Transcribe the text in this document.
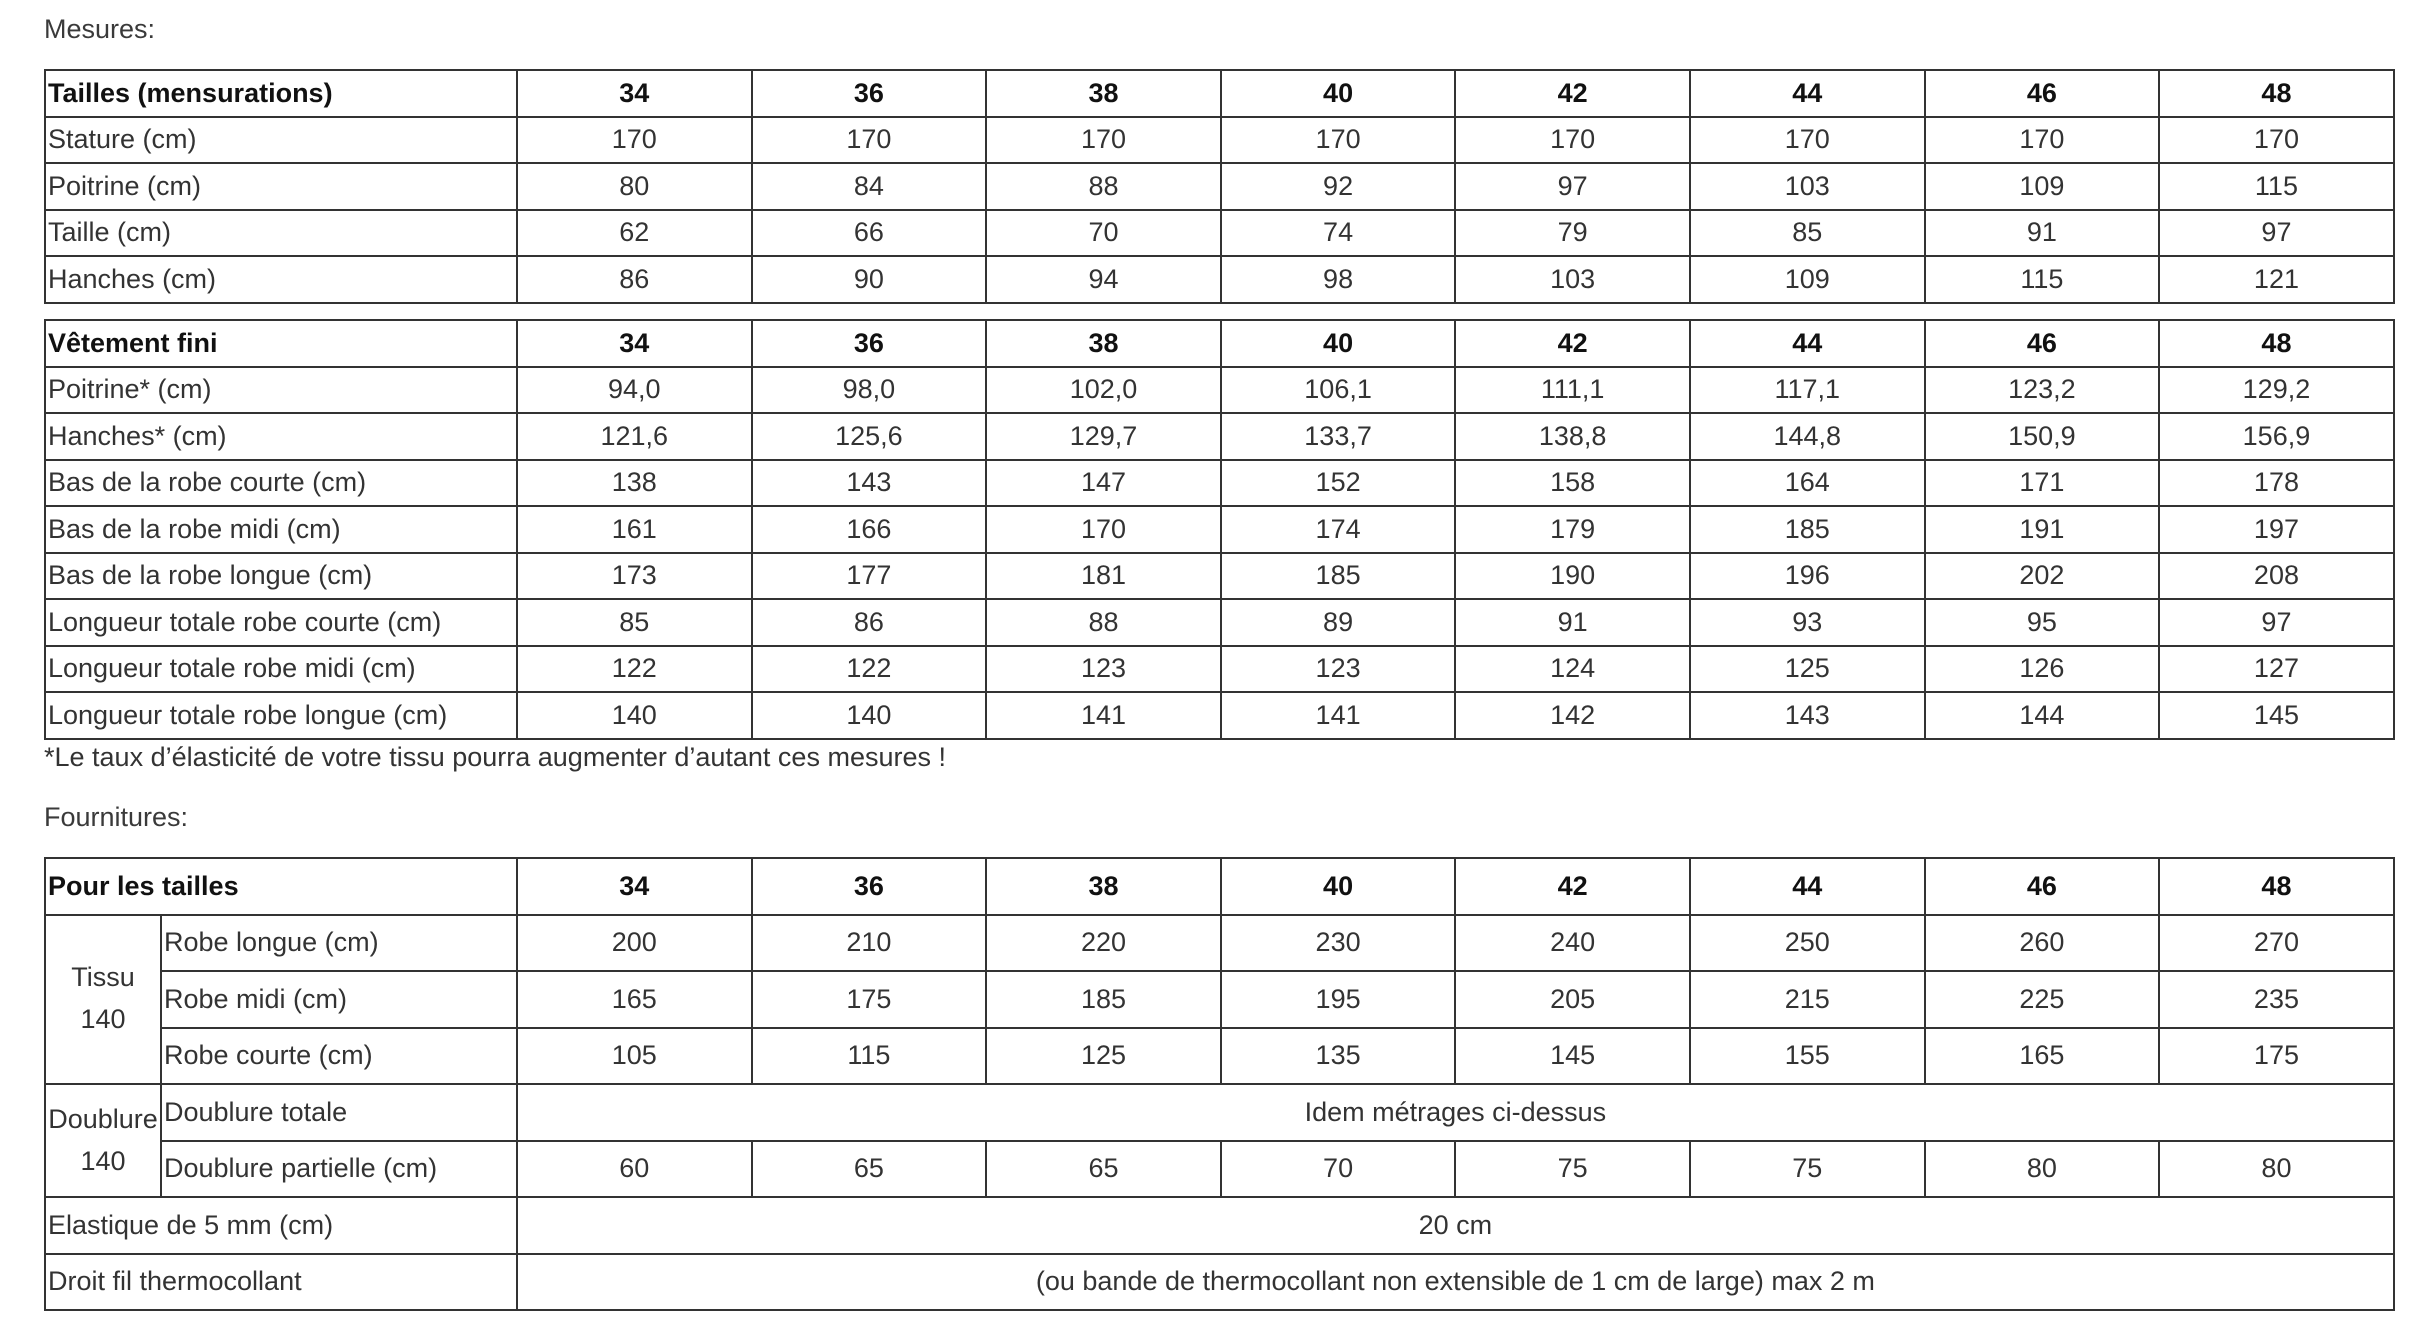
Mesures:
Tailles (mensurations)	34	36	38	40	42	44	46	48
Stature (cm)	170	170	170	170	170	170	170	170
Poitrine (cm)	80	84	88	92	97	103	109	115
Taille (cm)	62	66	70	74	79	85	91	97
Hanches (cm)	86	90	94	98	103	109	115	121
Vêtement fini	34	36	38	40	42	44	46	48
Poitrine* (cm)	94,0	98,0	102,0	106,1	111,1	117,1	123,2	129,2
Hanches* (cm)	121,6	125,6	129,7	133,7	138,8	144,8	150,9	156,9
Bas de la robe courte (cm)	138	143	147	152	158	164	171	178
Bas de la robe midi (cm)	161	166	170	174	179	185	191	197
Bas de la robe longue (cm)	173	177	181	185	190	196	202	208
Longueur totale robe courte (cm)	85	86	88	89	91	93	95	97
Longueur totale robe midi (cm)	122	122	123	123	124	125	126	127
Longueur totale robe longue (cm)	140	140	141	141	142	143	144	145
*Le taux d’élasticité de votre tissu pourra augmenter d’autant ces mesures !
Fournitures:
Pour les tailles		34	36	38	40	42	44	46	48
Tissu 140	Robe longue (cm)	200	210	220	230	240	250	260	270
	Robe midi (cm)	165	175	185	195	205	215	225	235
	Robe courte (cm)	105	115	125	135	145	155	165	175
Doublure 140	Doublure totale	Idem métrages ci-dessus							
	Doublure partielle (cm)	60	65	65	70	75	75	80	80
Elastique de 5 mm (cm)		20 cm							
Droit fil thermocollant		(ou bande de thermocollant non extensible de 1 cm de large) max 2 m							
